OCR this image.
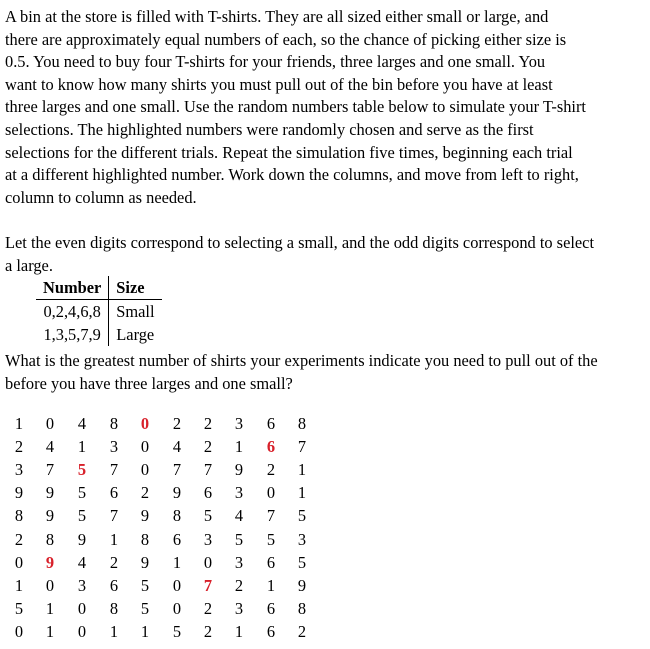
A bin at the store is filled with T-shirts. They are all sized either small or large, and
there are approximately equal numbers of each, so the chance of picking either size is
0.5. You need to buy four T-shirts for your friends, three larges and one small. You
want to know how many shirts you must pull out of the bin before you have at least
three larges and one small. Use the random numbers table below to simulate your T-shirt
selections. The highlighted numbers were randomly chosen and serve as the first
selections for the different trials. Repeat the simulation five times, beginning each trial
at a different highlighted number. Work down the columns, and move from left to right,
column to column as needed.
Let the even digits correspond to selecting a small, and the odd digits correspond to select
a large.
Number	Size
0,2,4,6,8	Small
1,3,5,7,9	Large
What is the greatest number of shirts your experiments indicate you need to pull out of the
before you have three larges and one small?
1	0	4	8	0	2	2	3	6	8
2	4	1	3	0	4	2	1	6	7
3	7	5	7	0	7	7	9	2	1
9	9	5	6	2	9	6	3	0	1
8	9	5	7	9	8	5	4	7	5
2	8	9	1	8	6	3	5	5	3
0	9	4	2	9	1	0	3	6	5
1	0	3	6	5	0	7	2	1	9
5	1	0	8	5	0	2	3	6	8
0	1	0	1	1	5	2	1	6	2
